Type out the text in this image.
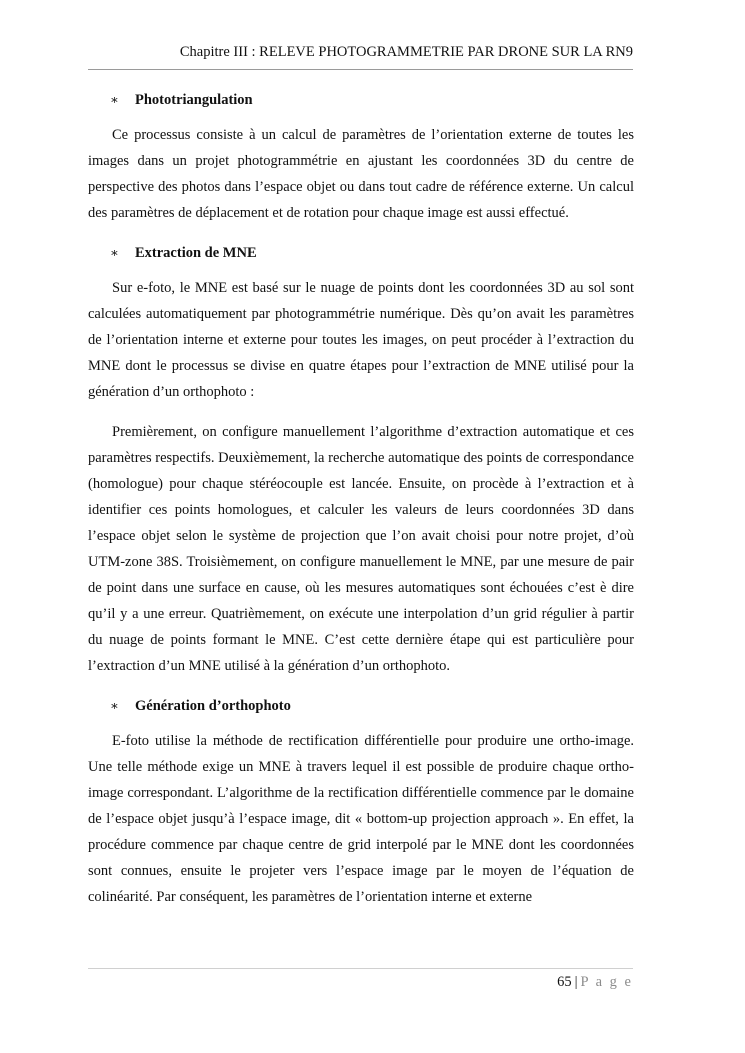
Chapitre III : RELEVE PHOTOGRAMMETRIE PAR DRONE SUR LA RN9
∗ Phototriangulation

Ce processus consiste à un calcul de paramètres de l’orientation externe de toutes les images dans un projet photogrammétrie en ajustant les coordonnées 3D du centre de perspective des photos dans l’espace objet ou dans tout cadre de référence externe. Un calcul des paramètres de déplacement et de rotation pour chaque image est aussi effectué.

∗ Extraction de MNE

Sur e-foto, le MNE est basé sur le nuage de points dont les coordonnées 3D au sol sont calculées automatiquement par photogrammétrie numérique. Dès qu’on avait les paramètres de l’orientation interne et externe pour toutes les images, on peut procéder à l’extraction du MNE dont le processus se divise en quatre étapes pour l’extraction de MNE utilisé pour la génération d’un orthophoto :

Premièrement, on configure manuellement l’algorithme d’extraction automatique et ces paramètres respectifs. Deuxièmement, la recherche automatique des points de correspondance (homologue) pour chaque stéréocouple est lancée. Ensuite, on procède à l’extraction et à identifier ces points homologues, et calculer les valeurs de leurs coordonnées 3D dans l’espace objet selon le système de projection que l’on avait choisi pour notre projet, d’où UTM-zone 38S. Troisièmement, on configure manuellement le MNE, par une mesure de pair de point dans une surface en cause, où les mesures automatiques sont échouées c’est è dire qu’il y a une erreur. Quatrièmement, on exécute une interpolation d’un grid régulier à partir du nuage de points formant le MNE. C’est cette dernière étape qui est particulière pour l’extraction d’un MNE utilisé à la génération d’un orthophoto.

∗ Génération d’orthophoto

E-foto utilise la méthode de rectification différentielle pour produire une ortho-image. Une telle méthode exige un MNE à travers lequel il est possible de produire chaque ortho-image correspondant. L’algorithme de la rectification différentielle commence par le domaine de l’espace objet jusqu’à l’espace image, dit « bottom-up projection approach ». En effet, la procédure commence par chaque centre de grid interpolé par le MNE dont les coordonnées sont connues, ensuite le projeter vers l’espace image par le moyen de l’équation de colinéarité. Par conséquent, les paramètres de l’orientation interne et externe

65 | P a g e
